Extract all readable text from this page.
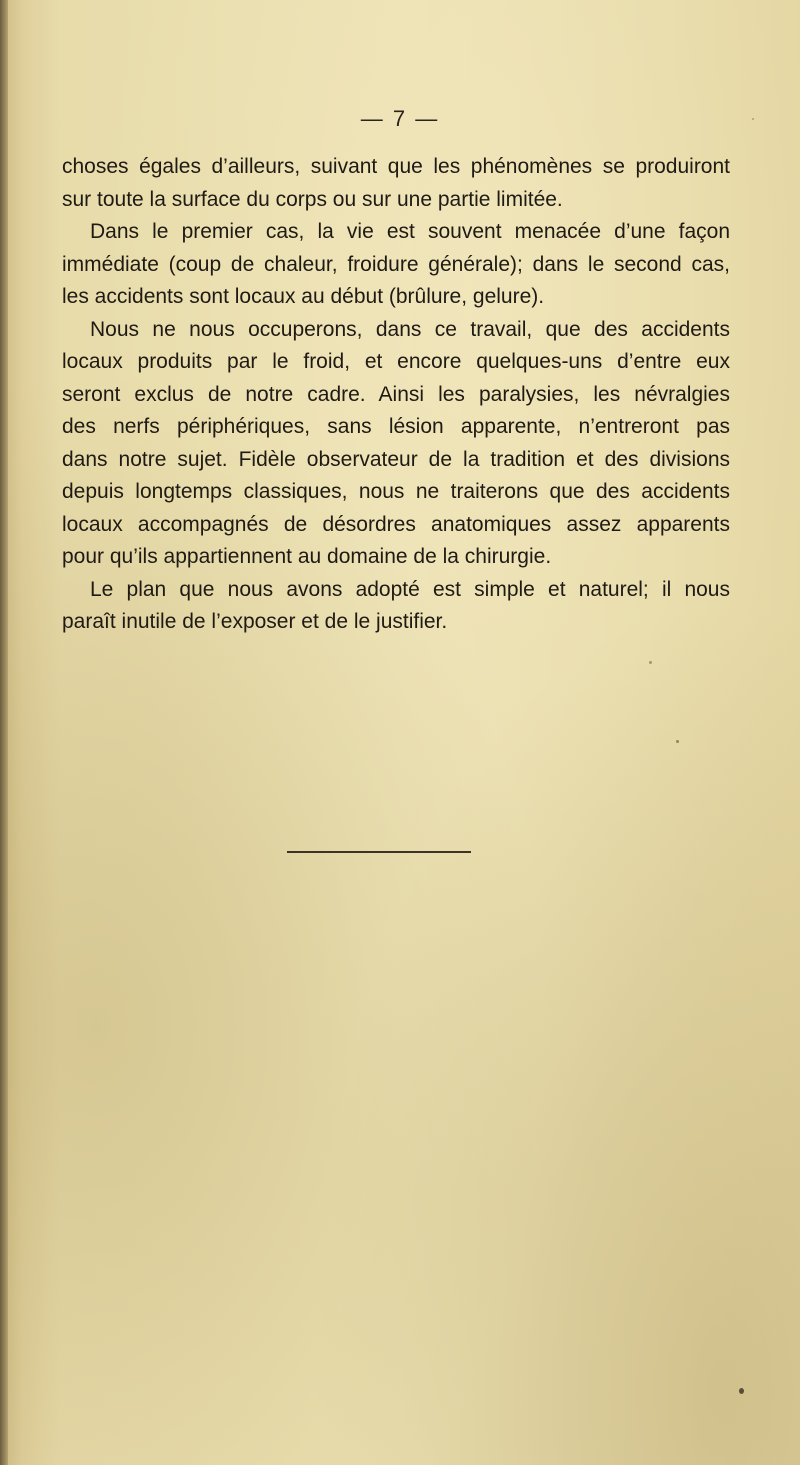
— 7 —
choses égales d’ailleurs, suivant que les phénomènes se produiront
sur toute la surface du corps ou sur une partie limitée.
Dans le premier cas, la vie est souvent menacée d’une façon
immédiate (coup de chaleur, froidure générale); dans le second cas,
les accidents sont locaux au début (brûlure, gelure).
Nous ne nous occuperons, dans ce travail, que des accidents
locaux produits par le froid, et encore quelques-uns d’entre eux
seront exclus de notre cadre. Ainsi les paralysies, les névralgies
des nerfs périphériques, sans lésion apparente, n’entreront pas
dans notre sujet. Fidèle observateur de la tradition et des divisions
depuis longtemps classiques, nous ne traiterons que des accidents
locaux accompagnés de désordres anatomiques assez apparents
pour qu’ils appartiennent au domaine de la chirurgie.
Le plan que nous avons adopté est simple et naturel; il nous
paraît inutile de l’exposer et de le justifier.
